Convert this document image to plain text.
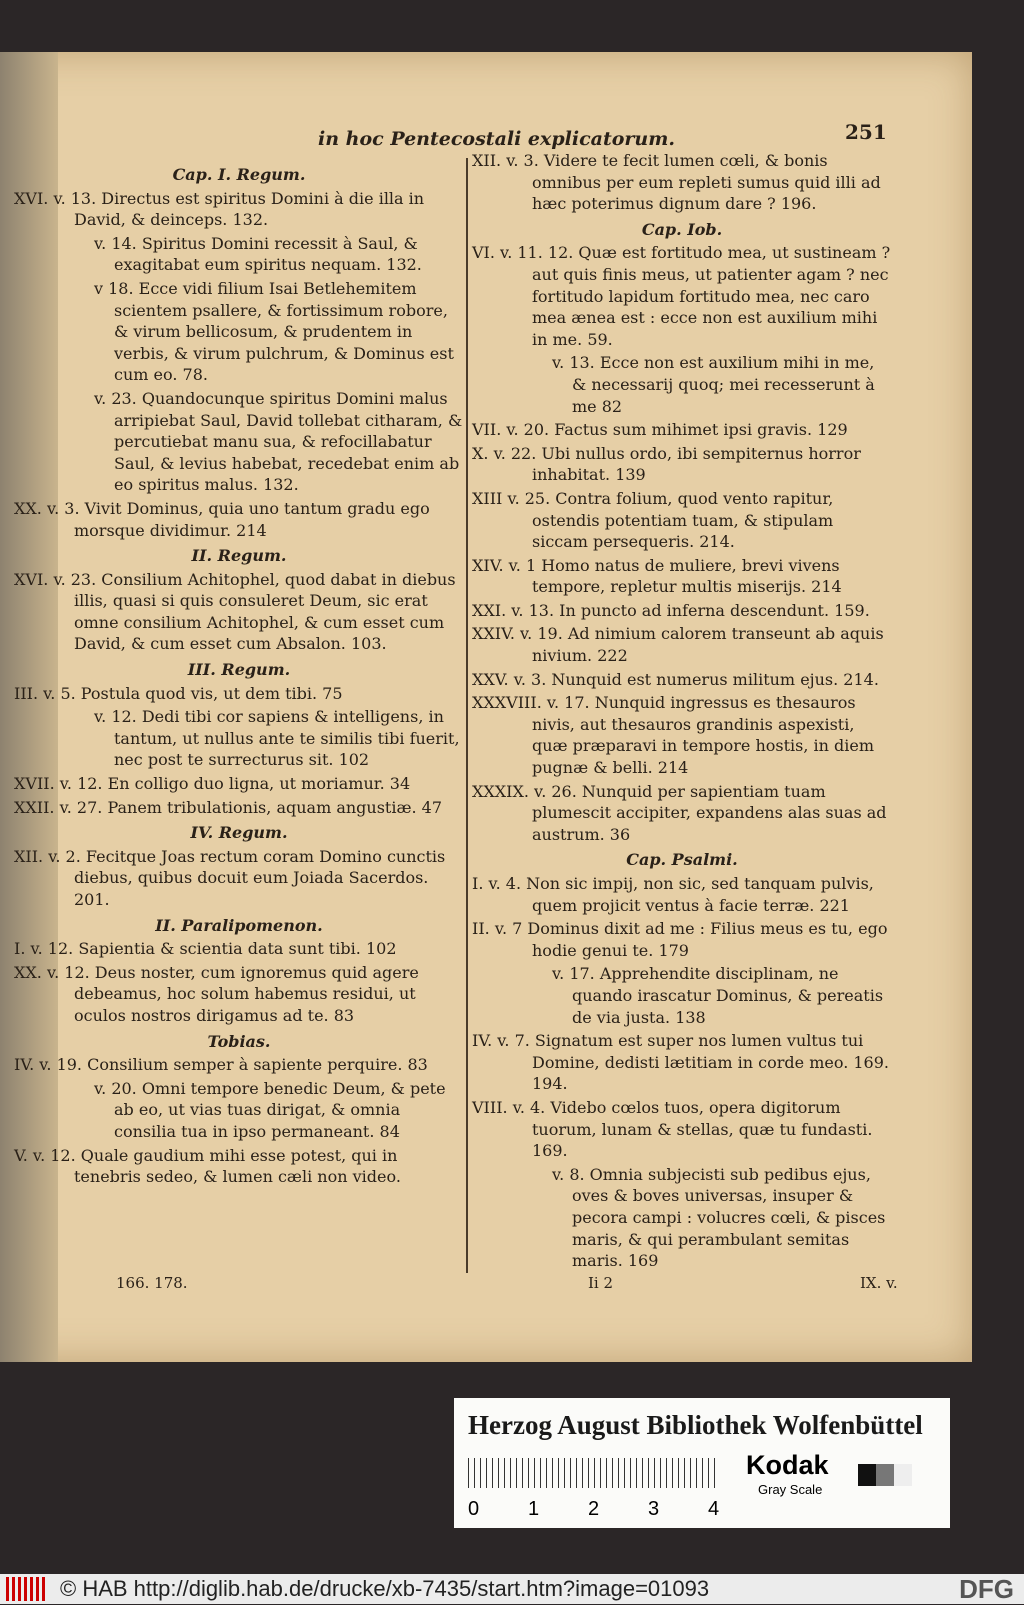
in hoc Pentecostali explicatorum.	251
Cap. I. Regum.
XVI. v. 13. Directus est spiritus Domini à die illa in David, & deinceps. 132.
v. 14. Spiritus Domini recessit à Saul, & exagitabat eum spiritus nequam. 132.
v 18. Ecce vidi filium Isai Betlehemitem scientem psallere, & fortissimum robore, & virum bellicosum, & prudentem in verbis, & virum pulchrum, & Dominus est cum eo. 78.
v. 23. Quandocunque spiritus Domini malus arripiebat Saul, David tollebat citharam, & percutiebat manu sua, & refocillabatur Saul, & levius habebat, recedebat enim ab eo spiritus malus. 132.
XX. v. 3. Vivit Dominus, quia uno tantum gradu ego morsque dividimur. 214
II. Regum.
XVI. v. 23. Consilium Achitophel, quod dabat in diebus illis, quasi si quis consuleret Deum, sic erat omne consilium Achitophel, & cum esset cum David, & cum esset cum Absalon. 103.
III. Regum.
III. v. 5. Postula quod vis, ut dem tibi. 75
v. 12. Dedi tibi cor sapiens & intelligens, in tantum, ut nullus ante te similis tibi fuerit, nec post te surrecturus sit. 102
XVII. v. 12. En colligo duo ligna, ut moriamur. 34
XXII. v. 27. Panem tribulationis, aquam angustiæ. 47
IV. Regum.
XII. v. 2. Fecitque Joas rectum coram Domino cunctis diebus, quibus docuit eum Joiada Sacerdos. 201.
II. Paralipomenon.
I. v. 12. Sapientia & scientia data sunt tibi. 102
XX. v. 12. Deus noster, cum ignoremus quid agere debeamus, hoc solum habemus residui, ut oculos nostros dirigamus ad te. 83
Tobias.
IV. v. 19. Consilium semper à sapiente perquire. 83
v. 20. Omni tempore benedic Deum, & pete ab eo, ut vias tuas dirigat, & omnia consilia tua in ipso permaneant. 84
V. v. 12. Quale gaudium mihi esse potest, qui in tenebris sedeo, & lumen cæli non video.
XII. v. 3. Videre te fecit lumen cœli, & bonis omnibus per eum repleti sumus quid illi ad hæc poterimus dignum dare ? 196.
Cap. Iob.
VI. v. 11. 12. Quæ est fortitudo mea, ut sustineam ? aut quis finis meus, ut patienter agam ? nec fortitudo lapidum fortitudo mea, nec caro mea ænea est : ecce non est auxilium mihi in me. 59.
v. 13. Ecce non est auxilium mihi in me, & necessarij quoq; mei recesserunt à me 82
VII. v. 20. Factus sum mihimet ipsi gravis. 129
X. v. 22. Ubi nullus ordo, ibi sempiternus horror inhabitat. 139
XIII v. 25. Contra folium, quod vento rapitur, ostendis potentiam tuam, & stipulam siccam persequeris. 214.
XIV. v. 1 Homo natus de muliere, brevi vivens tempore, repletur multis miserijs. 214
XXI. v. 13. In puncto ad inferna descendunt. 159.
XXIV. v. 19. Ad nimium calorem transeunt ab aquis nivium. 222
XXV. v. 3. Nunquid est numerus militum ejus. 214.
XXXVIII. v. 17. Nunquid ingressus es thesauros nivis, aut thesauros grandinis aspexisti, quæ præparavi in tempore hostis, in diem pugnæ & belli. 214
XXXIX. v. 26. Nunquid per sapientiam tuam plumescit accipiter, expandens alas suas ad austrum. 36
Cap. Psalmi.
I. v. 4. Non sic impij, non sic, sed tanquam pulvis, quem projicit ventus à facie terræ. 221
II. v. 7 Dominus dixit ad me : Filius meus es tu, ego hodie genui te. 179
v. 17. Apprehendite disciplinam, ne quando irascatur Dominus, & pereatis de via justa. 138
IV. v. 7. Signatum est super nos lumen vultus tui Domine, dedisti lætitiam in corde meo. 169. 194.
VIII. v. 4. Videbo cœlos tuos, opera digitorum tuorum, lunam & stellas, quæ tu fundasti. 169.
v. 8. Omnia subjecisti sub pedibus ejus, oves & boves universas, insuper & pecora campi : volucres cœli, & pisces maris, & qui perambulant semitas maris. 169
166. 178.	Ii 2	IX. v.
Herzog August Bibliothek Wolfenbüttel
0 1 2 3 4
Kodak
Gray Scale
© HAB http://diglib.hab.de/drucke/xb-7435/start.htm?image=01093	DFG
